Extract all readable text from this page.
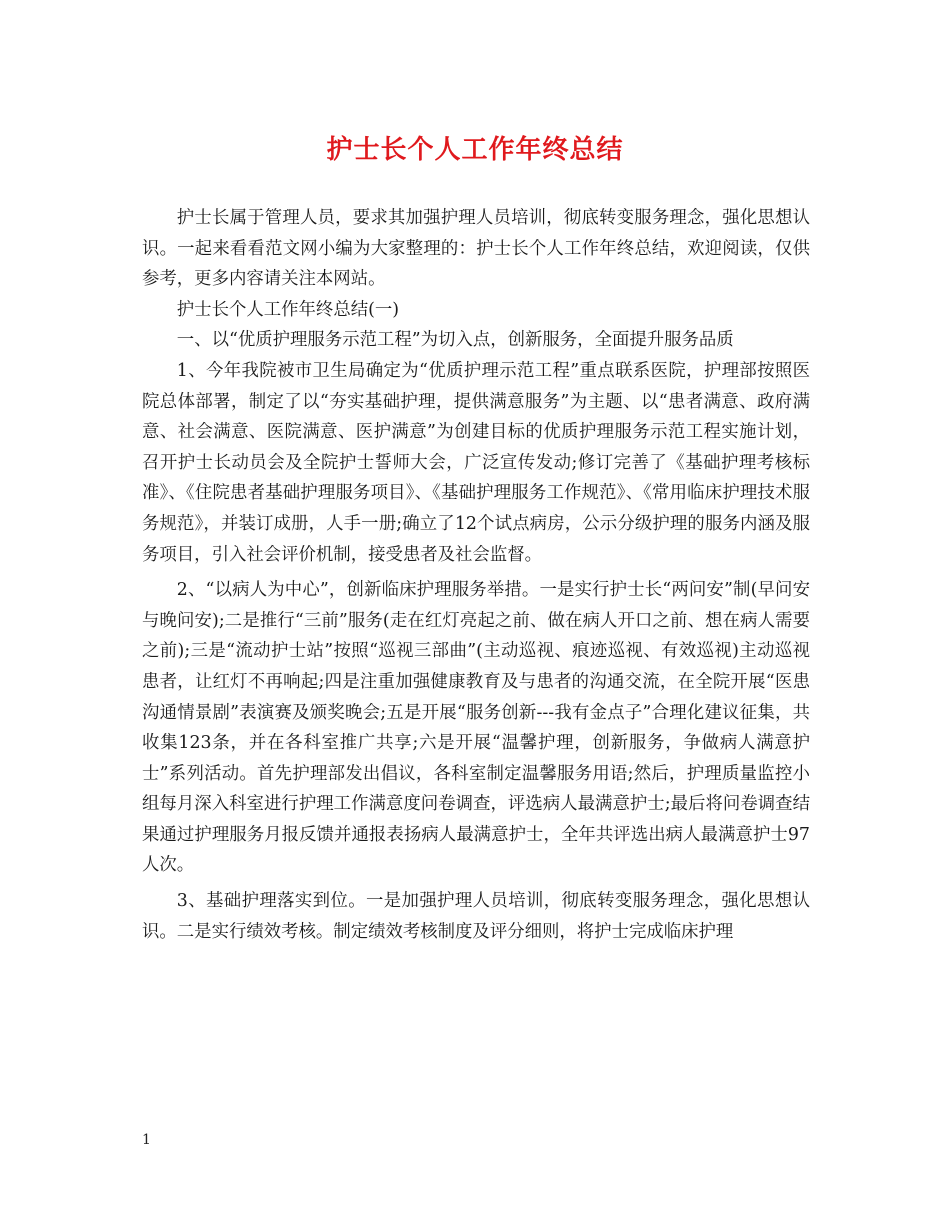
护士长个人工作年终总结

护士长属于管理人员，要求其加强护理人员培训，彻底转变服务理念，强化思想认识。一起来看看范文网小编为大家整理的：护士长个人工作年终总结，欢迎阅读，仅供参考，更多内容请关注本网站。

护士长个人工作年终总结(一)

一、以“优质护理服务示范工程”为切入点，创新服务，全面提升服务品质

1、今年我院被市卫生局确定为“优质护理示范工程”重点联系医院，护理部按照医院总体部署，制定了以“夯实基础护理，提供满意服务”为主题、以“患者满意、政府满意、社会满意、医院满意、医护满意”为创建目标的优质护理服务示范工程实施计划，召开护士长动员会及全院护士誓师大会，广泛宣传发动;修订完善了《基础护理考核标准》、《住院患者基础护理服务项目》、《基础护理服务工作规范》、《常用临床护理技术服务规范》，并装订成册，人手一册;确立了12个试点病房，公示分级护理的服务内涵及服务项目，引入社会评价机制，接受患者及社会监督。

2、“以病人为中心”，创新临床护理服务举措。一是实行护士长“两问安”制(早问安与晚问安);二是推行“三前”服务(走在红灯亮起之前、做在病人开口之前、想在病人需要之前);三是“流动护士站”按照“巡视三部曲”(主动巡视、痕迹巡视、有效巡视)主动巡视患者，让红灯不再响起;四是注重加强健康教育及与患者的沟通交流，在全院开展“医患沟通情景剧”表演赛及颁奖晚会;五是开展“服务创新---我有金点子”合理化建议征集，共收集123条，并在各科室推广共享;六是开展“温馨护理，创新服务，争做病人满意护士”系列活动。首先护理部发出倡议，各科室制定温馨服务用语;然后，护理质量监控小组每月深入科室进行护理工作满意度问卷调查，评选病人最满意护士;最后将问卷调查结果通过护理服务月报反馈并通报表扬病人最满意护士，全年共评选出病人最满意护士97人次。

3、基础护理落实到位。一是加强护理人员培训，彻底转变服务理念，强化思想认识。二是实行绩效考核。制定绩效考核制度及评分细则，将护士完成临床护理

1
